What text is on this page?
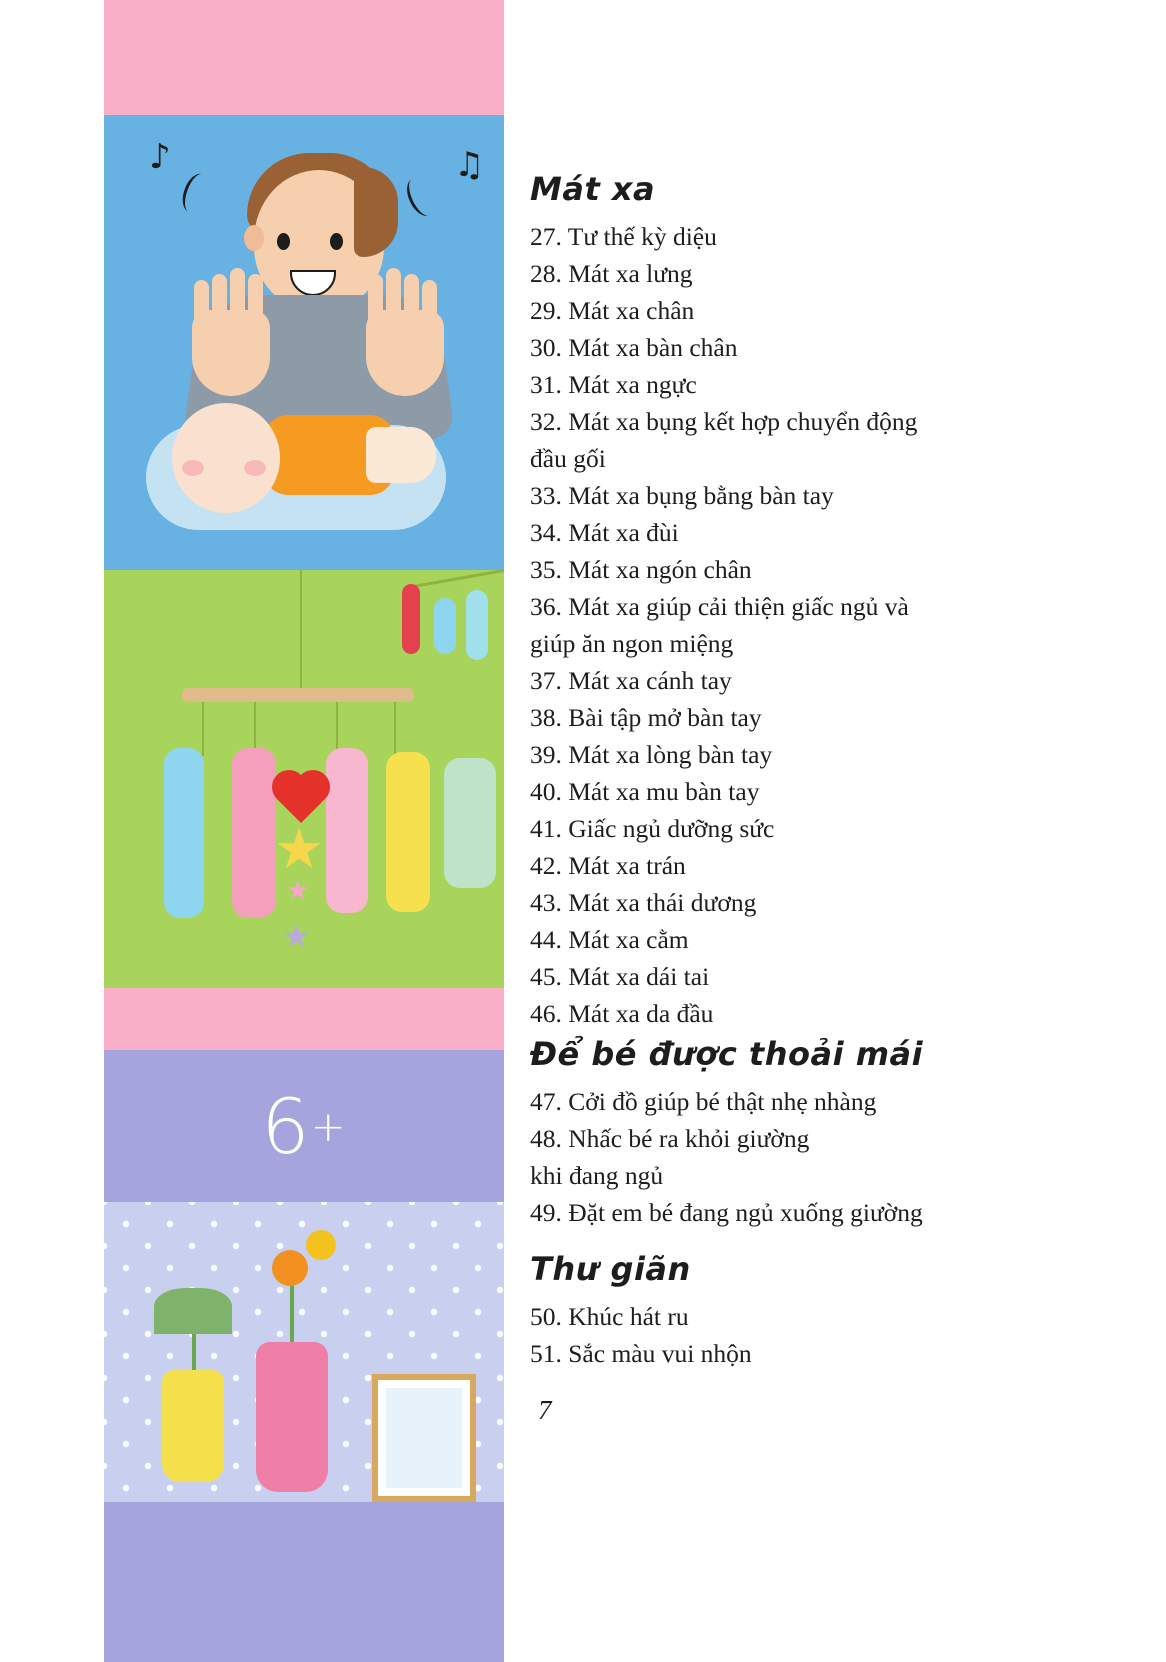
♪	♫
★
★
★
6 +
Mát xa
27. Tư thế kỳ diệu
28. Mát xa lưng
29. Mát xa chân
30. Mát xa bàn chân
31. Mát xa ngực
32. Mát xa bụng kết hợp chuyển động
đầu gối
33. Mát xa bụng bằng bàn tay
34. Mát xa đùi
35. Mát xa ngón chân
36. Mát xa giúp cải thiện giấc ngủ và
giúp ăn ngon miệng
37. Mát xa cánh tay
38. Bài tập mở bàn tay
39. Mát xa lòng bàn tay
40. Mát xa mu bàn tay
41. Giấc ngủ dưỡng sức
42. Mát xa trán
43. Mát xa thái dương
44. Mát xa cằm
45. Mát xa dái tai
46. Mát xa da đầu
Để bé được thoải mái
47. Cởi đồ giúp bé thật nhẹ nhàng
48. Nhấc bé ra khỏi giường
khi đang ngủ
49. Đặt em bé đang ngủ xuống giường
Thư giãn
50. Khúc hát ru
51. Sắc màu vui nhộn
7
